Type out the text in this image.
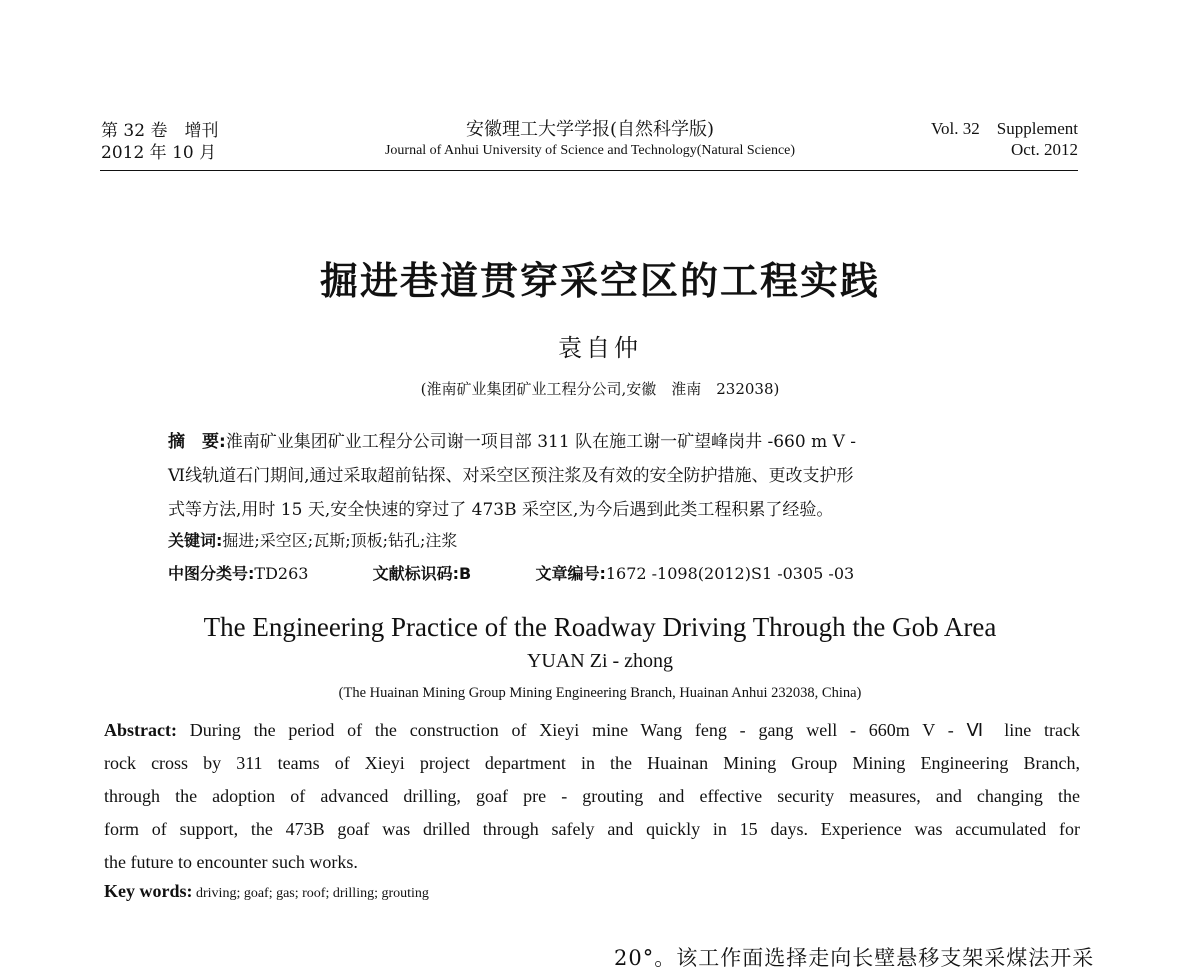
第 32 卷　增刊
2012 年 10 月
安徽理工大学学报(自然科学版)
Journal of Anhui University of Science and Technology(Natural Science)
Vol. 32　Supplement
Oct. 2012
掘进巷道贯穿采空区的工程实践
袁自仲
(淮南矿业集团矿业工程分公司,安徽　淮南　232038)
摘　要:淮南矿业集团矿业工程分公司谢一项目部 311 队在施工谢一矿望峰岗井 -660 m V -
Ⅵ线轨道石门期间,通过采取超前钻探、对采空区预注浆及有效的安全防护措施、更改支护形
式等方法,用时 15 天,安全快速的穿过了 473B 采空区,为今后遇到此类工程积累了经验。
关键词:掘进;采空区;瓦斯;顶板;钻孔;注浆
中图分类号:TD263	文献标识码:B	文章编号:1672 -1098(2012)S1 -0305 -03
The Engineering Practice of the Roadway Driving Through the Gob Area
YUAN Zi - zhong
(The Huainan Mining Group Mining Engineering Branch, Huainan Anhui 232038, China)
Abstract: During the period of the construction of Xieyi mine Wang feng - gang well - 660m V - Ⅵ line track
rock cross by 311 teams of Xieyi project department in the Huainan Mining Group Mining Engineering Branch,
through the adoption of advanced drilling, goaf pre - grouting and effective security measures, and changing the
form of support, the 473B goaf was drilled through safely and quickly in 15 days. Experience was accumulated for
the future to encounter such works.
Key words: driving; goaf; gas; roof; drilling; grouting
20°。该工作面选择走向长壁悬移支架采煤法开采
